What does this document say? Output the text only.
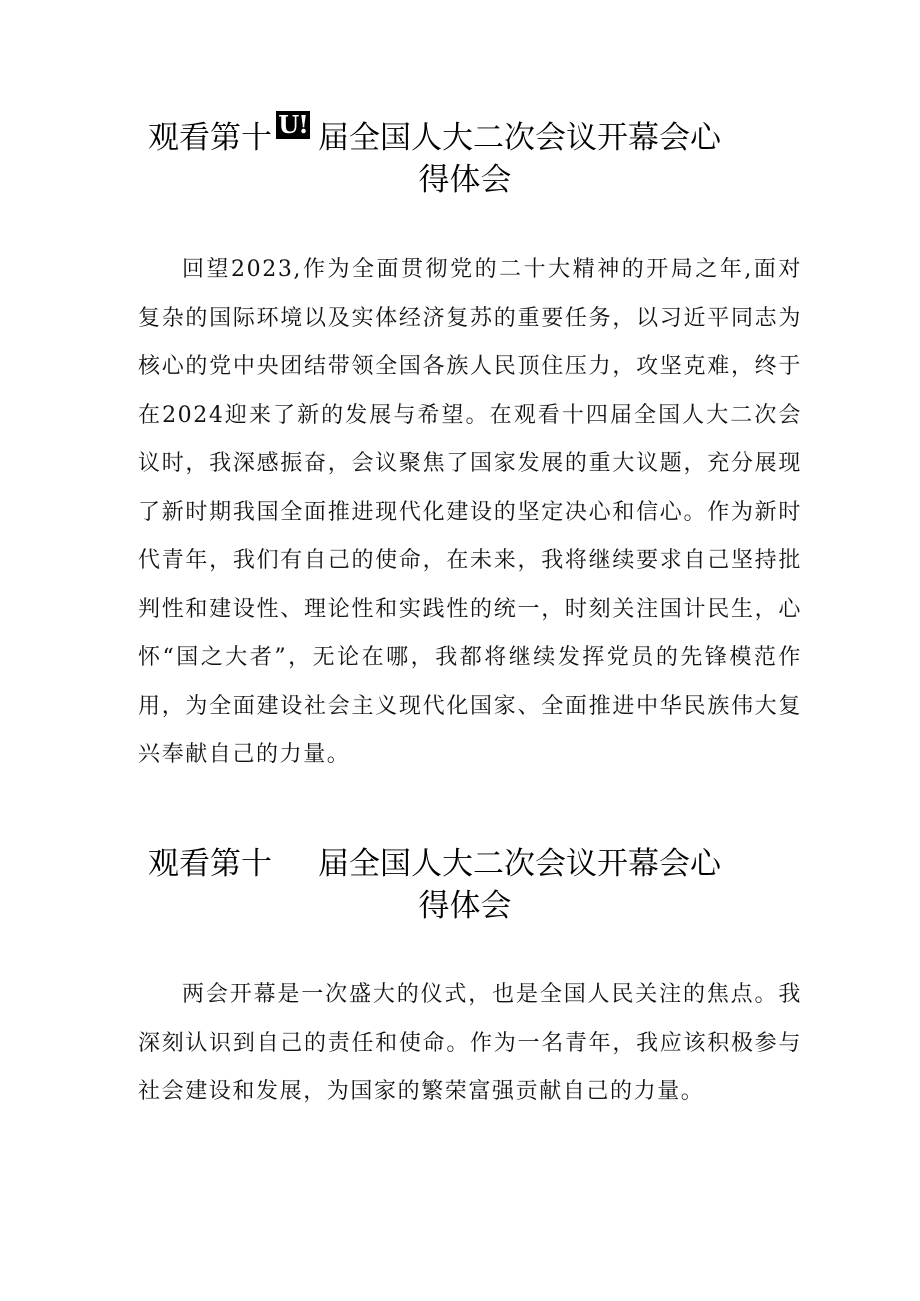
观看第十 U! 届全国人大二次会议开幕会心
得体会

回望2023,作为全面贯彻党的二十大精神的开局之年,面对复杂的国际环境以及实体经济复苏的重要任务，以习近平同志为核心的党中央团结带领全国各族人民顶住压力，攻坚克难，终于在2024迎来了新的发展与希望。在观看十四届全国人大二次会议时，我深感振奋，会议聚焦了国家发展的重大议题，充分展现了新时期我国全面推进现代化建设的坚定决心和信心。作为新时代青年，我们有自己的使命，在未来，我将继续要求自己坚持批判性和建设性、理论性和实践性的统一，时刻关注国计民生，心怀“国之大者”，无论在哪，我都将继续发挥党员的先锋模范作用，为全面建设社会主义现代化国家、全面推进中华民族伟大复兴奉献自己的力量。

观看第十 届全国人大二次会议开幕会心
得体会

两会开幕是一次盛大的仪式，也是全国人民关注的焦点。我深刻认识到自己的责任和使命。作为一名青年，我应该积极参与社会建设和发展，为国家的繁荣富强贡献自己的力量。
